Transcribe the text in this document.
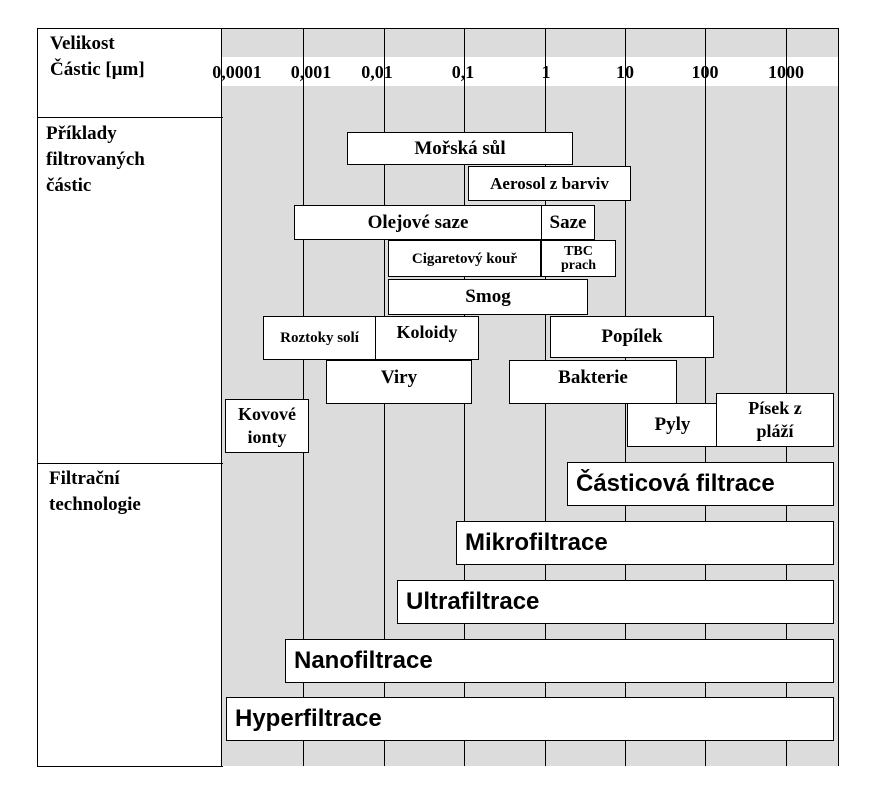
Velikost
Částic [μm]	0,0001 0,001 0,01	0,1	1	10	100	1000
Příklady
filtrovaných
částic
Filtrační
technologie
Mořská sůl
Aerosol z barviv
Olejové saze	Saze
Cigaretový kouř	TBC
prach
Smog
Roztoky solí	Koloidy	Popílek
Viry	Bakterie
Kovové
ionty
Pyly
Písek z
pláží
Částicová filtrace
Mikrofiltrace
Ultrafiltrace
Nanofiltrace
Hyperfiltrace
